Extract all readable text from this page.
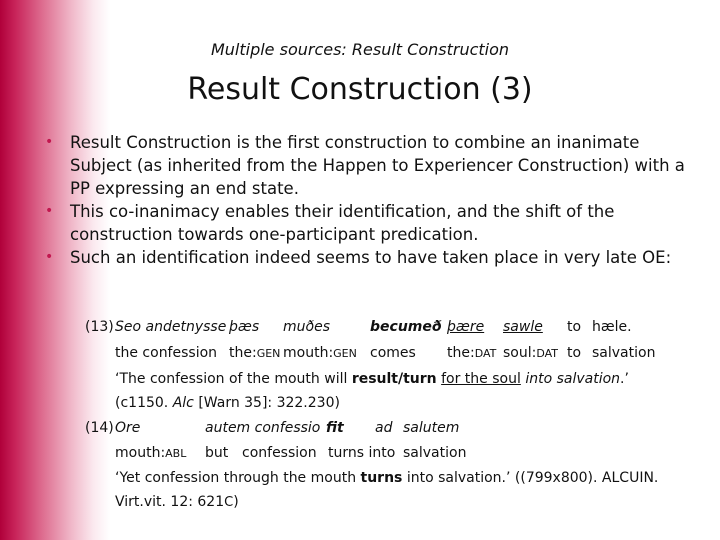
Multiple sources: Result Construction
Result Construction (3)
• Result Construction is the first construction to combine an inanimate
Subject (as inherited from the Happen to Experiencer Construction) with a
PP expressing an end state.
• This co-inanimacy enables their identification, and the shift of the
construction towards one-participant predication.
• Such an identification indeed seems to have taken place in very late OE:
(13) Seo andetnysse þæs muðes	becumeð þære sawle to hæle.
the confession the:GEN mouth:GEN comes the:DAT soul:DAT to salvation
‘The confession of the mouth will result/turn for the soul into salvation.’
(c1150. Alc [Warn 35]: 322.230)
(14) Ore	autem confessio fit ad salutem
mouth:ABL but confession turns into salvation
‘Yet confession through the mouth turns into salvation.’ ((799x800). ALCUIN.
Virt.vit. 12: 621C)
